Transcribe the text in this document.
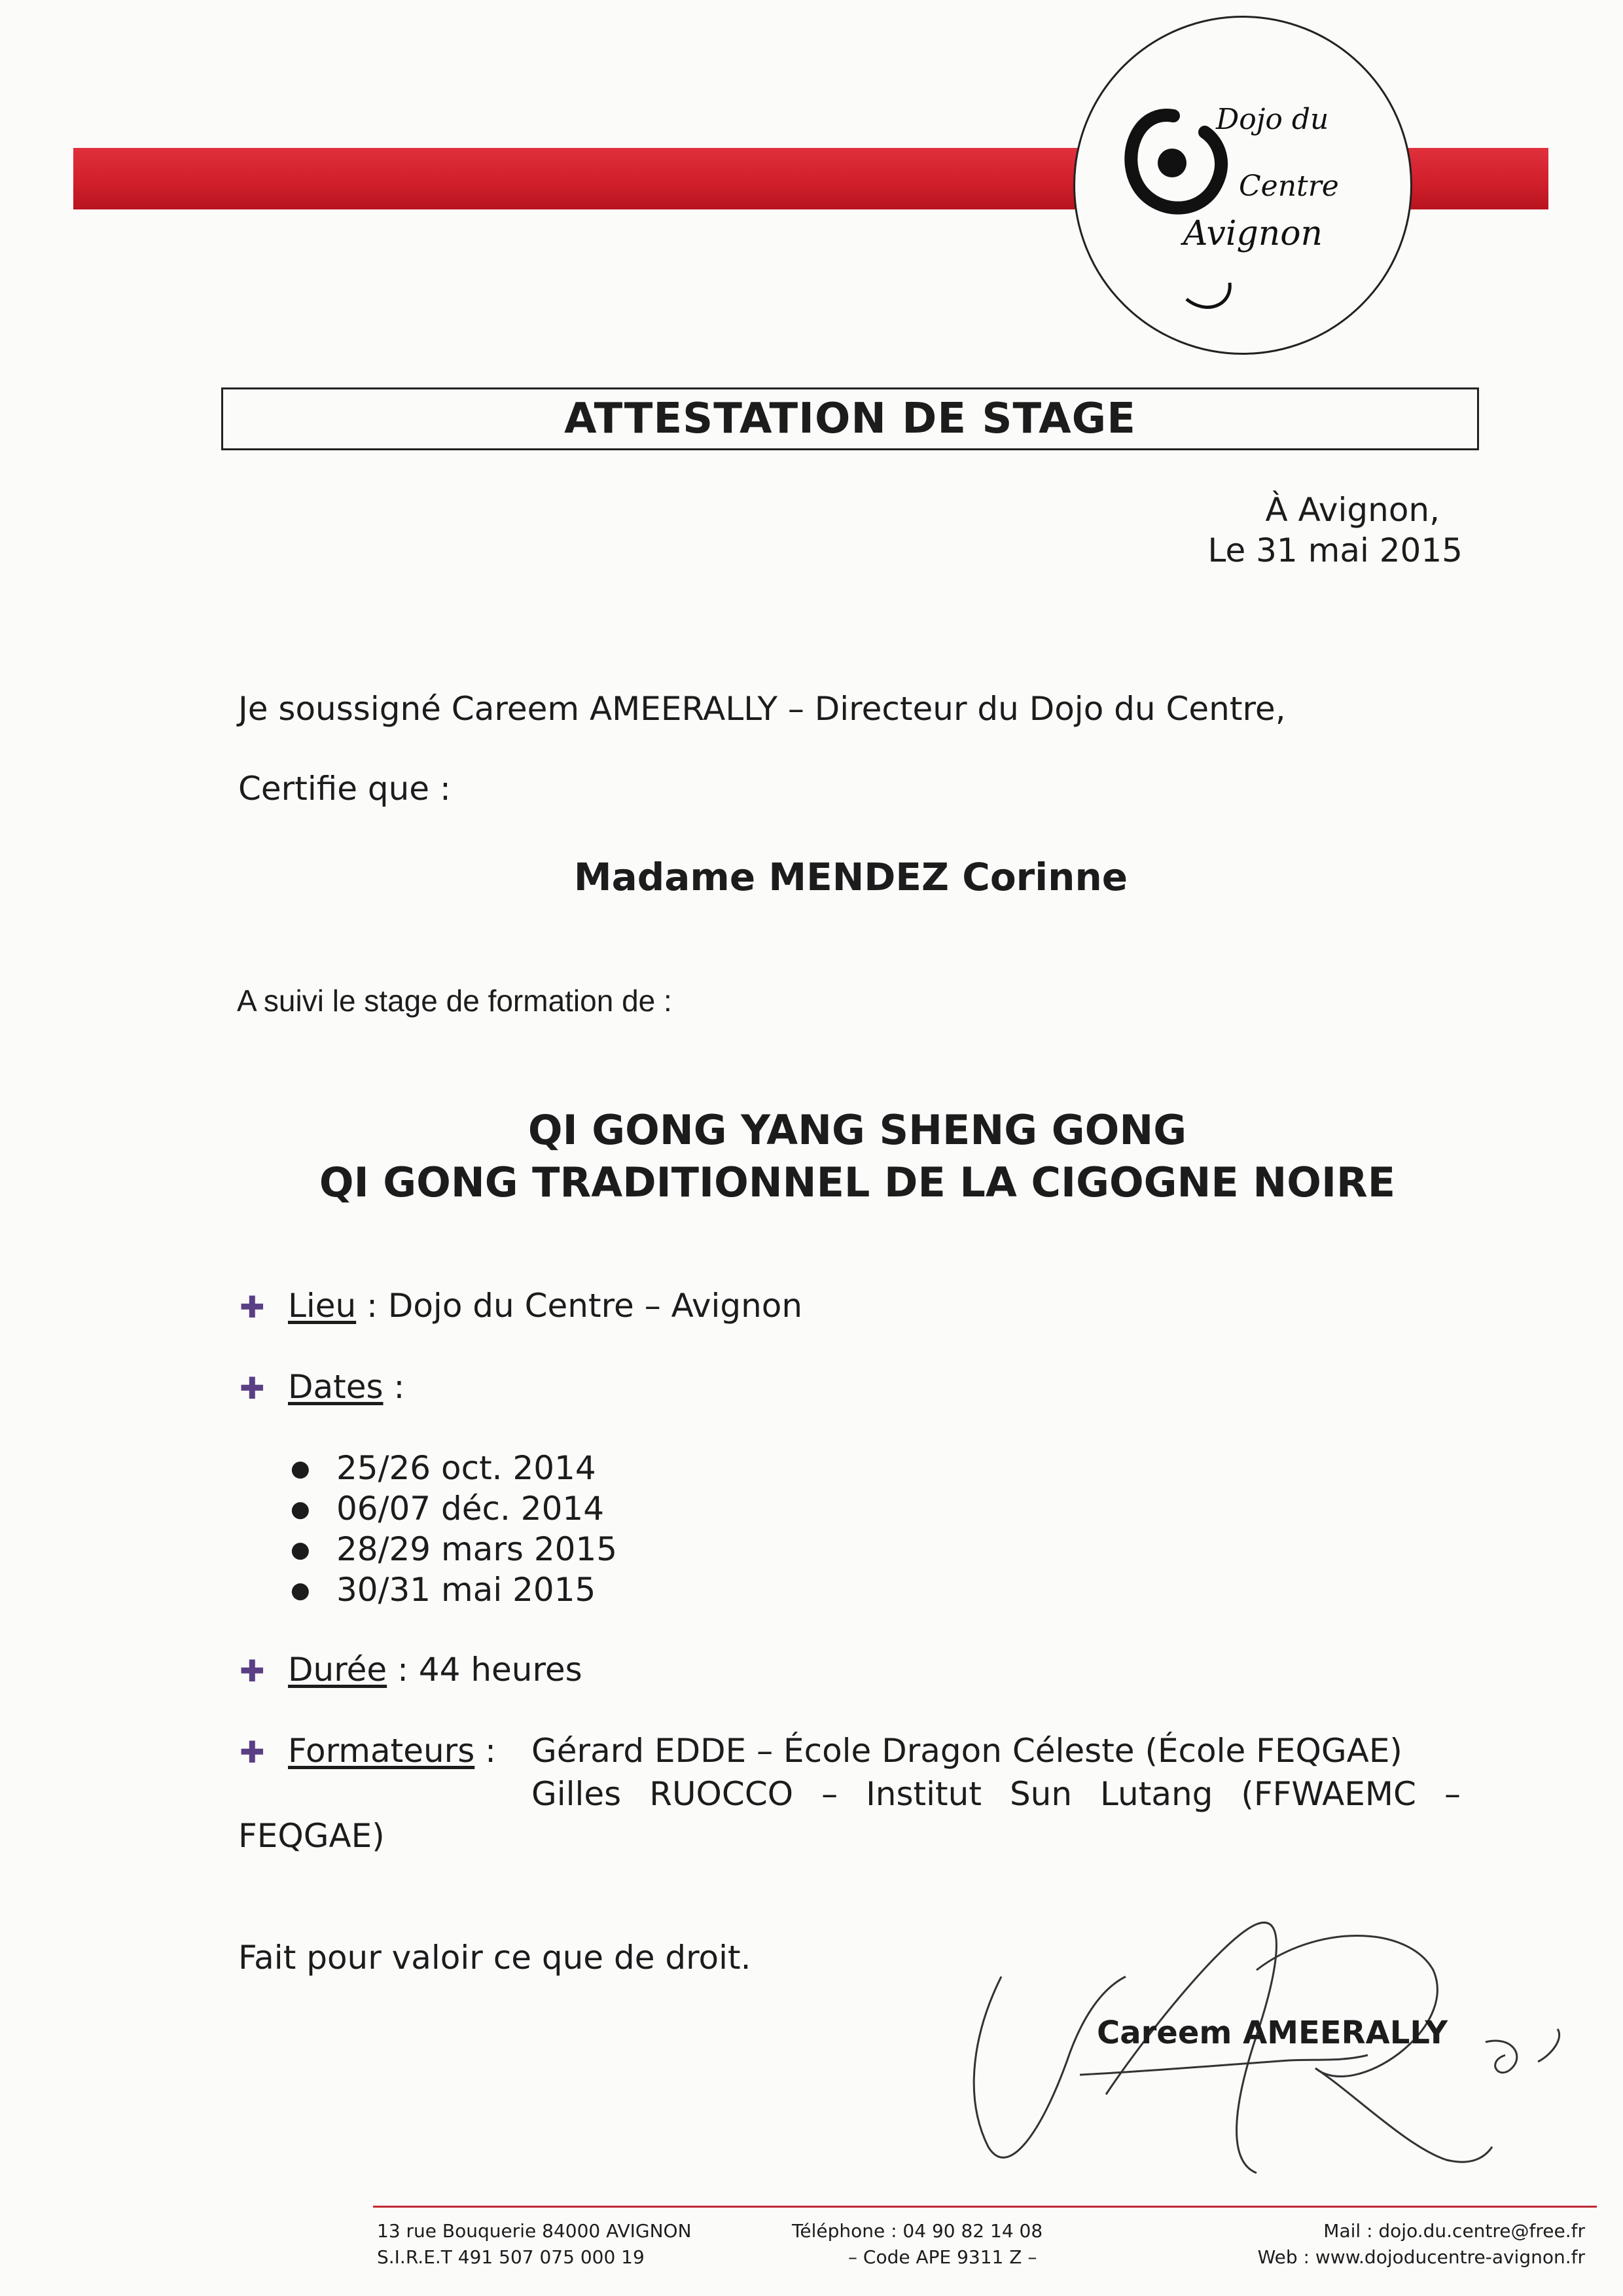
Dojo du
Centre
Avignon
ATTESTATION DE STAGE
À Avignon,
Le 31 mai 2015
Je soussigné Careem AMEERALLY – Directeur du Dojo du Centre,
Certifie que :
Madame MENDEZ Corinne
A suivi le stage de formation de :
QI GONG YANG SHENG GONG
QI GONG TRADITIONNEL DE LA CIGOGNE NOIRE
✚ Lieu : Dojo du Centre – Avignon
✚ Dates :
● 25/26 oct. 2014
● 06/07 déc. 2014
● 28/29 mars 2015
● 30/31 mai 2015
✚ Durée : 44 heures
✚ Formateurs : Gérard EDDE – École Dragon Céleste (École FEQGAE)
Gilles RUOCCO – Institut Sun Lutang (FFWAEMC –
FEQGAE)
Fait pour valoir ce que de droit.
Careem AMEERALLY
13 rue Bouquerie 84000 AVIGNON
S.I.R.E.T 491 507 075 000 19
Téléphone : 04 90 82 14 08
– Code APE 9311 Z –
Mail : dojo.du.centre@free.fr
Web : www.dojoducentre-avignon.fr
